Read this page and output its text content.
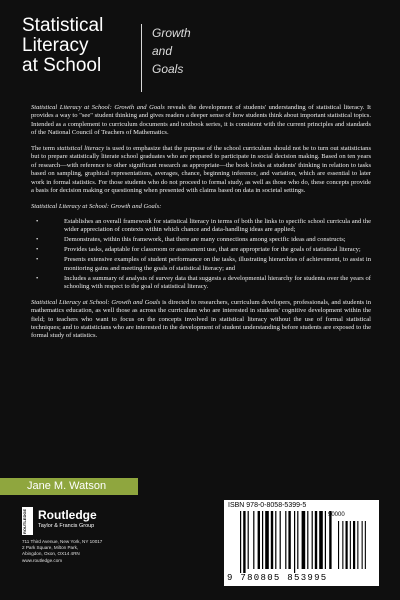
Statistical
Literacy
at School
Growth
and
Goals

Statistical Literacy at School: Growth and Goals reveals the development of students' understanding of statistical literacy. It provides a way to "see" student thinking and gives readers a deeper sense of how students think about important statistical topics. Intended as a complement to curriculum documents and textbook series, it is consistent with the current principles and standards of the National Council of Teachers of Mathematics.

The term statistical literacy is used to emphasize that the purpose of the school curriculum should not be to turn out statisticians but to prepare statistically literate school graduates who are prepared to participate in social decision making. Based on ten years of research—with reference to other significant research as appropriate—the book looks at students' thinking in relation to tasks based on sampling, graphical representations, averages, chance, beginning inference, and variation, which are essential to later work in formal statistics. For those students who do not proceed to formal study, as well as those who do, these concepts provide a basis for decision making or questioning when presented with claims based on data in societal settings.

Statistical Literacy at School: Growth and Goals:

• Establishes an overall framework for statistical literacy in terms of both the links to specific school curricula and the wider appreciation of contexts within which chance and data-handling ideas are applied;
• Demonstrates, within this framework, that there are many connections among specific ideas and constructs;
• Provides tasks, adaptable for classroom or assessment use, that are appropriate for the goals of statistical literacy;
• Presents extensive examples of student performance on the tasks, illustrating hierarchies of achievement, to assist in monitoring gains and meeting the goals of statistical literacy; and
• Includes a summary of analysis of survey data that suggests a developmental hierarchy for students over the years of schooling with respect to the goal of statistical literacy.

Statistical Literacy at School: Growth and Goals is directed to researchers, curriculum developers, professionals, and students in mathematics education, as well those as across the curriculum who are interested in students' cognitive development within the field; to teachers who want to focus on the concepts involved in statistical literacy without the use of formal statistical techniques; and to statisticians who are interested in the development of student understanding before students are exposed to the formal study of statistics.

Jane M. Watson
ROUTLEDGE Routledge
Taylor & Francis Group
711 Third Avenue, New York, NY 10017
2 Park Square, Milton Park,
Abingdon, Oxon, OX14 4RN
www.routledge.com
ISBN 978-0-8058-5399-5
90000
9 780805 853995
